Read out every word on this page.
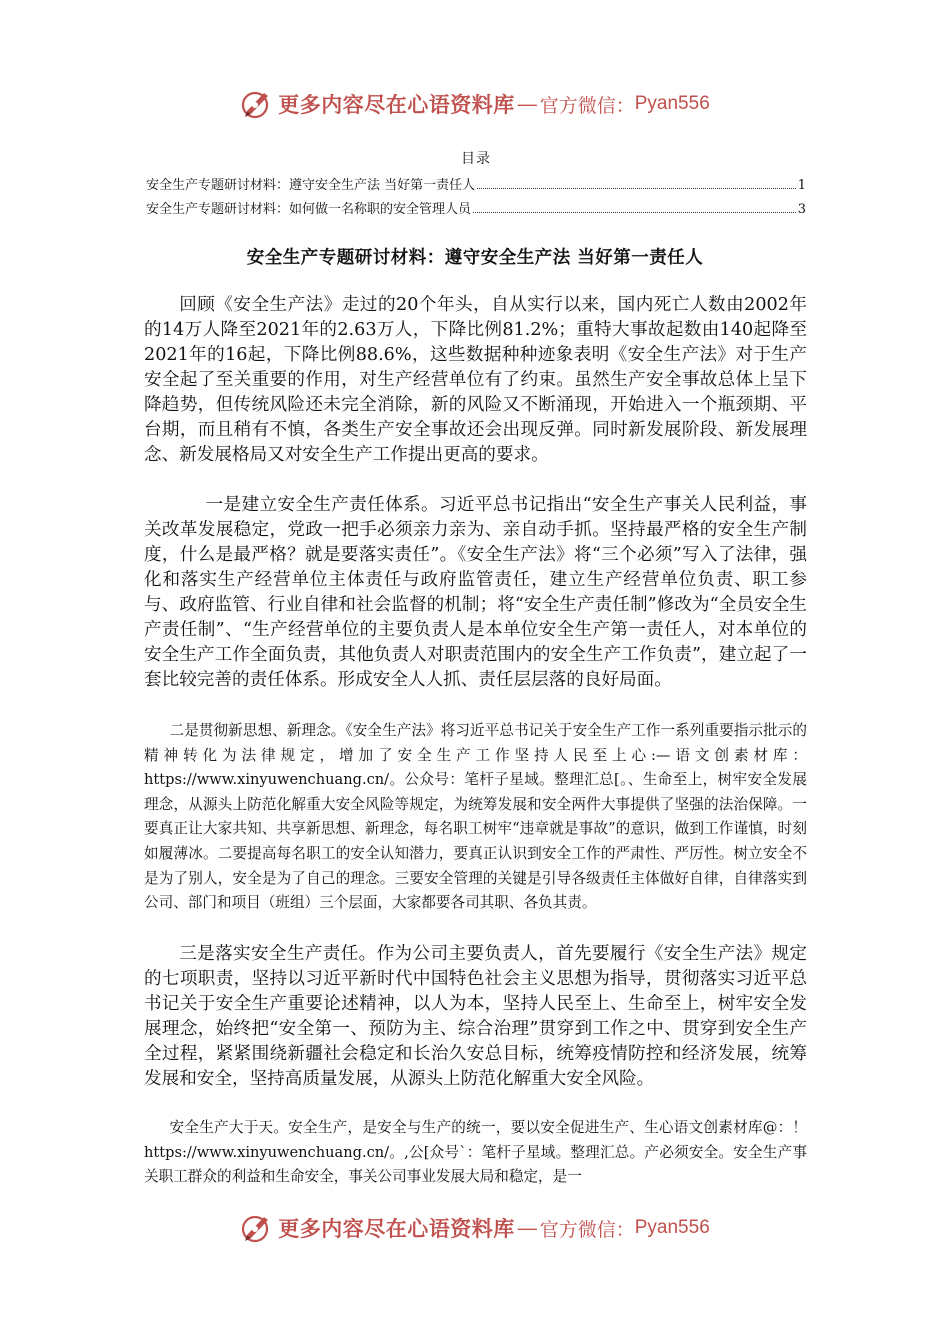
更多内容尽在心语资料库 — 官方微信： Pyan556
目录
安全生产专题研讨材料：遵守安全生产法 当好第一责任人	1
安全生产专题研讨材料：如何做一名称职的安全管理人员	3
安全生产专题研讨材料：遵守安全生产法 当好第一责任人

回顾《安全生产法》走过的20个年头，自从实行以来，国内死亡人数由2002年的14万人降至2021年的2.63万人，下降比例81.2%；重特大事故起数由140起降至2021年的16起，下降比例88.6%，这些数据种种迹象表明《安全生产法》对于生产安全起了至关重要的作用，对生产经营单位有了约束。虽然生产安全事故总体上呈下降趋势，但传统风险还未完全消除，新的风险又不断涌现，开始进入一个瓶颈期、平台期，而且稍有不慎，各类生产安全事故还会出现反弹。同时新发展阶段、新发展理念、新发展格局又对安全生产工作提出更高的要求。

一是建立安全生产责任体系。习近平总书记指出“安全生产事关人民利益，事关改革发展稳定，党政一把手必须亲力亲为、亲自动手抓。坚持最严格的安全生产制度，什么是最严格？就是要落实责任”。《安全生产法》将“三个必须”写入了法律，强化和落实生产经营单位主体责任与政府监管责任，建立生产经营单位负责、职工参与、政府监管、行业自律和社会监督的机制；将“安全生产责任制”修改为“全员安全生产责任制”、“生产经营单位的主要负责人是本单位安全生产第一责任人，对本单位的安全生产工作全面负责，其他负责人对职责范围内的安全生产工作负责”，建立起了一套比较完善的责任体系。形成安全人人抓、责任层层落的良好局面。

二是贯彻新思想、新理念。《安全生产法》将习近平总书记关于安全生产工作一系列重要指示批示的精神转化为法律规定，增加了安全生产工作坚持人民至上心:—语文创素材库：https://www.xinyuwenchuang.cn/。公众号：笔杆子星域。整理汇总[。、生命至上，树牢安全发展理念，从源头上防范化解重大安全风险等规定，为统筹发展和安全两件大事提供了坚强的法治保障。一要真正让大家共知、共享新思想、新理念，每名职工树牢“违章就是事故”的意识，做到工作谨慎，时刻如履薄冰。二要提高每名职工的安全认知潜力，要真正认识到安全工作的严肃性、严厉性。树立安全不是为了别人，安全是为了自己的理念。三要安全管理的关键是引导各级责任主体做好自律，自律落实到公司、部门和项目（班组）三个层面，大家都要各司其职、各负其责。

三是落实安全生产责任。作为公司主要负责人，首先要履行《安全生产法》规定的七项职责，坚持以习近平新时代中国特色社会主义思想为指导，贯彻落实习近平总书记关于安全生产重要论述精神，以人为本，坚持人民至上、生命至上，树牢安全发展理念，始终把“安全第一、预防为主、综合治理”贯穿到工作之中、贯穿到安全生产全过程，紧紧围绕新疆社会稳定和长治久安总目标，统筹疫情防控和经济发展，统筹发展和安全，坚持高质量发展，从源头上防范化解重大安全风险。

安全生产大于天。安全生产，是安全与生产的统一，要以安全促进生产、生心语文创素材库@：！https://www.xinyuwenchuang.cn/。,公[众号`：笔杆子星域。整理汇总。产必须安全。安全生产事关职工群众的利益和生命安全，事关公司事业发展大局和稳定，是一

更多内容尽在心语资料库 — 官方微信： Pyan556
